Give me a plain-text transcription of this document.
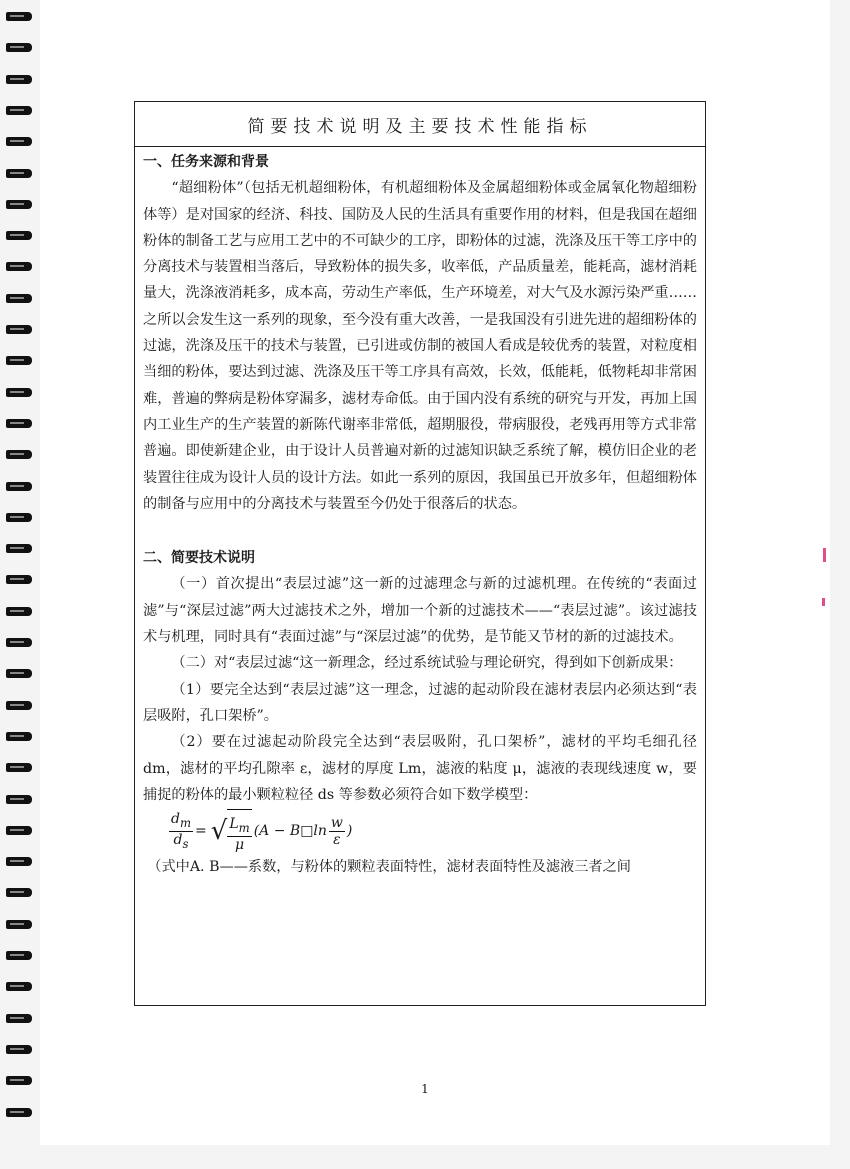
简要技术说明及主要技术性能指标
一、任务来源和背景

“超细粉体”（包括无机超细粉体，有机超细粉体及金属超细粉体或金属氧化物超细粉体等）是对国家的经济、科技、国防及人民的生活具有重要作用的材料，但是我国在超细粉体的制备工艺与应用工艺中的不可缺少的工序，即粉体的过滤，洗涤及压干等工序中的分离技术与装置相当落后，导致粉体的损失多，收率低，产品质量差，能耗高，滤材消耗量大，洗涤液消耗多，成本高，劳动生产率低，生产环境差，对大气及水源污染严重……之所以会发生这一系列的现象，至今没有重大改善，一是我国没有引进先进的超细粉体的过滤，洗涤及压干的技术与装置，已引进或仿制的被国人看成是较优秀的装置，对粒度相当细的粉体，要达到过滤、洗涤及压干等工序具有高效，长效，低能耗，低物耗却非常困难，普遍的弊病是粉体穿漏多，滤材寿命低。由于国内没有系统的研究与开发，再加上国内工业生产的生产装置的新陈代谢率非常低，超期服役，带病服役，老残再用等方式非常普遍。即使新建企业，由于设计人员普遍对新的过滤知识缺乏系统了解，模仿旧企业的老装置往往成为设计人员的设计方法。如此一系列的原因，我国虽已开放多年，但超细粉体的制备与应用中的分离技术与装置至今仍处于很落后的状态。

二、简要技术说明

（一）首次提出“表层过滤”这一新的过滤理念与新的过滤机理。在传统的“表面过滤”与“深层过滤”两大过滤技术之外，增加一个新的过滤技术——“表层过滤”。该过滤技术与机理，同时具有“表面过滤”与“深层过滤”的优势，是节能又节材的新的过滤技术。

（二）对“表层过滤“这一新理念，经过系统试验与理论研究，得到如下创新成果：

（1）要完全达到“表层过滤”这一理念，过滤的起动阶段在滤材表层内必须达到“表层吸附，孔口架桥”。

（2）要在过滤起动阶段完全达到“表层吸附，孔口架桥”，滤材的平均毛细孔径 dm，滤材的平均孔隙率 ε，滤材的厚度 Lm，滤液的粘度 μ，滤液的表现线速度 w，要捕捉的粉体的最小颗粒粒径 ds 等参数必须符合如下数学模型：

$\frac{d_m}{d_s}$ = √ $\frac{L_m}{\mu} (A$ − B□ln $\frac{w}{\varepsilon}$ )

（式中A. B——系数，与粉体的颗粒表面特性，滤材表面特性及滤液三者之间

1
